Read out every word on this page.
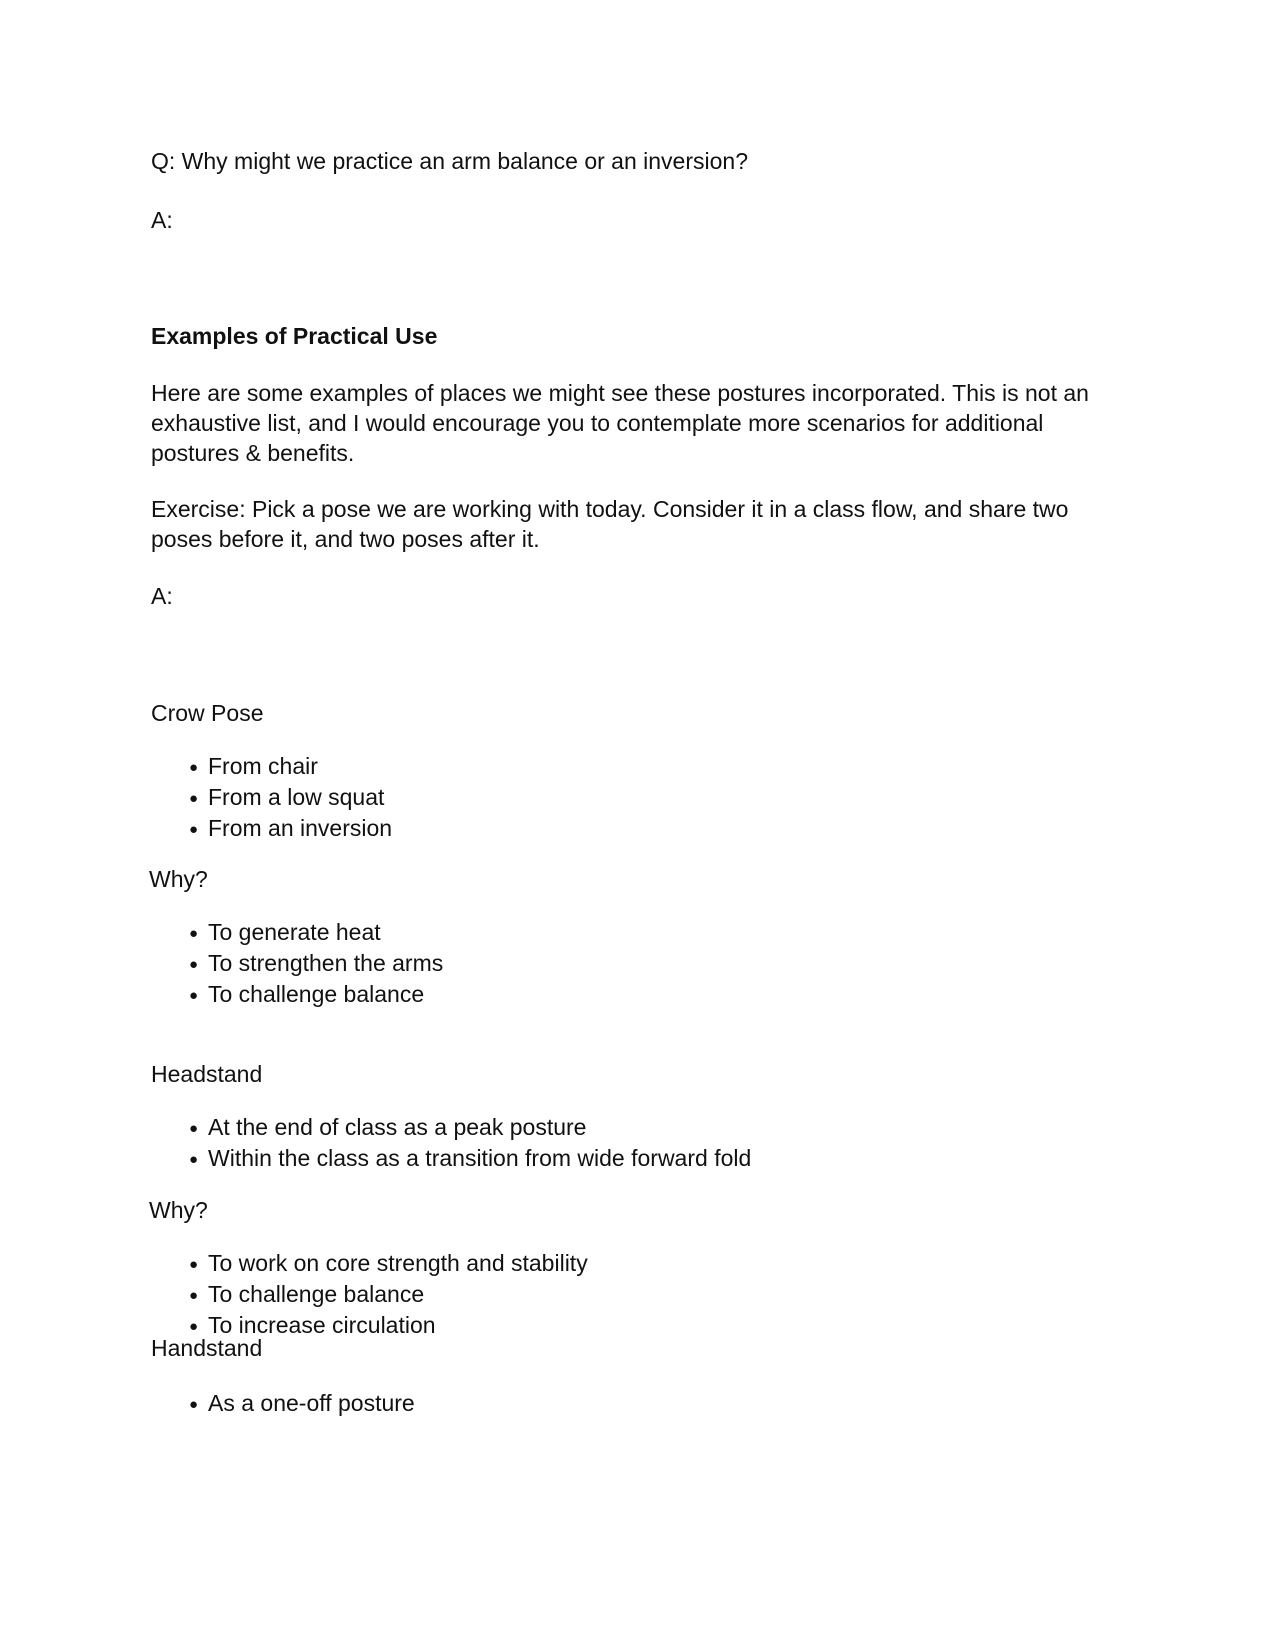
Q: Why might we practice an arm balance or an inversion?

A:

Examples of Practical Use

Here are some examples of places we might see these postures incorporated. This is not an exhaustive list, and I would encourage you to contemplate more scenarios for additional postures & benefits.

Exercise: Pick a pose we are working with today. Consider it in a class flow, and share two poses before it, and two poses after it.

A:

Crow Pose

● From chair
● From a low squat
● From an inversion

Why?

● To generate heat
● To strengthen the arms
● To challenge balance

Headstand

● At the end of class as a peak posture
● Within the class as a transition from wide forward fold

Why?

● To work on core strength and stability
● To challenge balance
● To increase circulation

Handstand

● As a one-off posture
